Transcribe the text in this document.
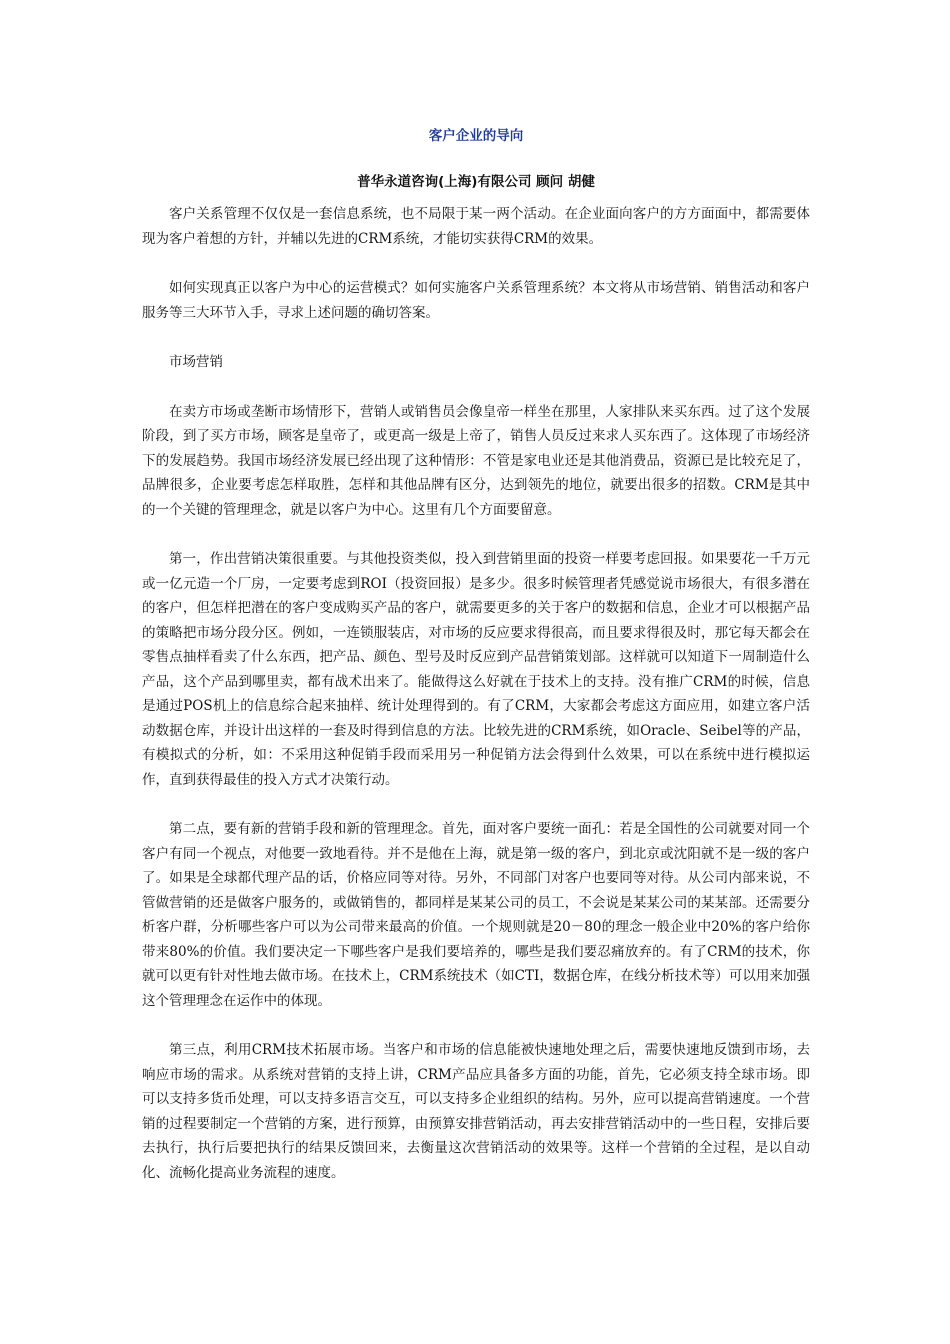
客户企业的导向
普华永道咨询(上海)有限公司 顾问 胡健

客户关系管理不仅仅是一套信息系统，也不局限于某一两个活动。在企业面向客户的方方面面中，都需要体现为客户着想的方针，并辅以先进的CRM系统，才能切实获得CRM的效果。

如何实现真正以客户为中心的运营模式？如何实施客户关系管理系统？本文将从市场营销、销售活动和客户服务等三大环节入手，寻求上述问题的确切答案。

市场营销

在卖方市场或垄断市场情形下，营销人或销售员会像皇帝一样坐在那里，人家排队来买东西。过了这个发展阶段，到了买方市场，顾客是皇帝了，或更高一级是上帝了，销售人员反过来求人买东西了。这体现了市场经济下的发展趋势。我国市场经济发展已经出现了这种情形：不管是家电业还是其他消费品，资源已是比较充足了，品牌很多，企业要考虑怎样取胜，怎样和其他品牌有区分，达到领先的地位，就要出很多的招数。CRM是其中的一个关键的管理理念，就是以客户为中心。这里有几个方面要留意。

第一，作出营销决策很重要。与其他投资类似，投入到营销里面的投资一样要考虑回报。如果要花一千万元或一亿元造一个厂房，一定要考虑到ROI（投资回报）是多少。很多时候管理者凭感觉说市场很大，有很多潜在的客户，但怎样把潜在的客户变成购买产品的客户，就需要更多的关于客户的数据和信息，企业才可以根据产品的策略把市场分段分区。例如，一连锁服装店，对市场的反应要求得很高，而且要求得很及时，那它每天都会在零售点抽样看卖了什么东西，把产品、颜色、型号及时反应到产品营销策划部。这样就可以知道下一周制造什么产品，这个产品到哪里卖，都有战术出来了。能做得这么好就在于技术上的支持。没有推广CRM的时候，信息是通过POS机上的信息综合起来抽样、统计处理得到的。有了CRM，大家都会考虑这方面应用，如建立客户活动数据仓库，并设计出这样的一套及时得到信息的方法。比较先进的CRM系统，如Oracle、Seibel等的产品，有模拟式的分析，如：不采用这种促销手段而采用另一种促销方法会得到什么效果，可以在系统中进行模拟运作，直到获得最佳的投入方式才决策行动。

第二点，要有新的营销手段和新的管理理念。首先，面对客户要统一面孔：若是全国性的公司就要对同一个客户有同一个视点，对他要一致地看待。并不是他在上海，就是第一级的客户，到北京或沈阳就不是一级的客户了。如果是全球都代理产品的话，价格应同等对待。另外，不同部门对客户也要同等对待。从公司内部来说，不管做营销的还是做客户服务的，或做销售的，都同样是某某公司的员工，不会说是某某公司的某某部。还需要分析客户群，分析哪些客户可以为公司带来最高的价值。一个规则就是20－80的理念一般企业中20%的客户给你带来80%的价值。我们要决定一下哪些客户是我们要培养的，哪些是我们要忍痛放弃的。有了CRM的技术，你就可以更有针对性地去做市场。在技术上，CRM系统技术（如CTI，数据仓库，在线分析技术等）可以用来加强这个管理理念在运作中的体现。

第三点，利用CRM技术拓展市场。当客户和市场的信息能被快速地处理之后，需要快速地反馈到市场，去响应市场的需求。从系统对营销的支持上讲，CRM产品应具备多方面的功能，首先，它必须支持全球市场。即可以支持多货币处理，可以支持多语言交互，可以支持多企业组织的结构。另外，应可以提高营销速度。一个营销的过程要制定一个营销的方案，进行预算，由预算安排营销活动，再去安排营销活动中的一些日程，安排后要去执行，执行后要把执行的结果反馈回来，去衡量这次营销活动的效果等。这样一个营销的全过程，是以自动化、流畅化提高业务流程的速度。
